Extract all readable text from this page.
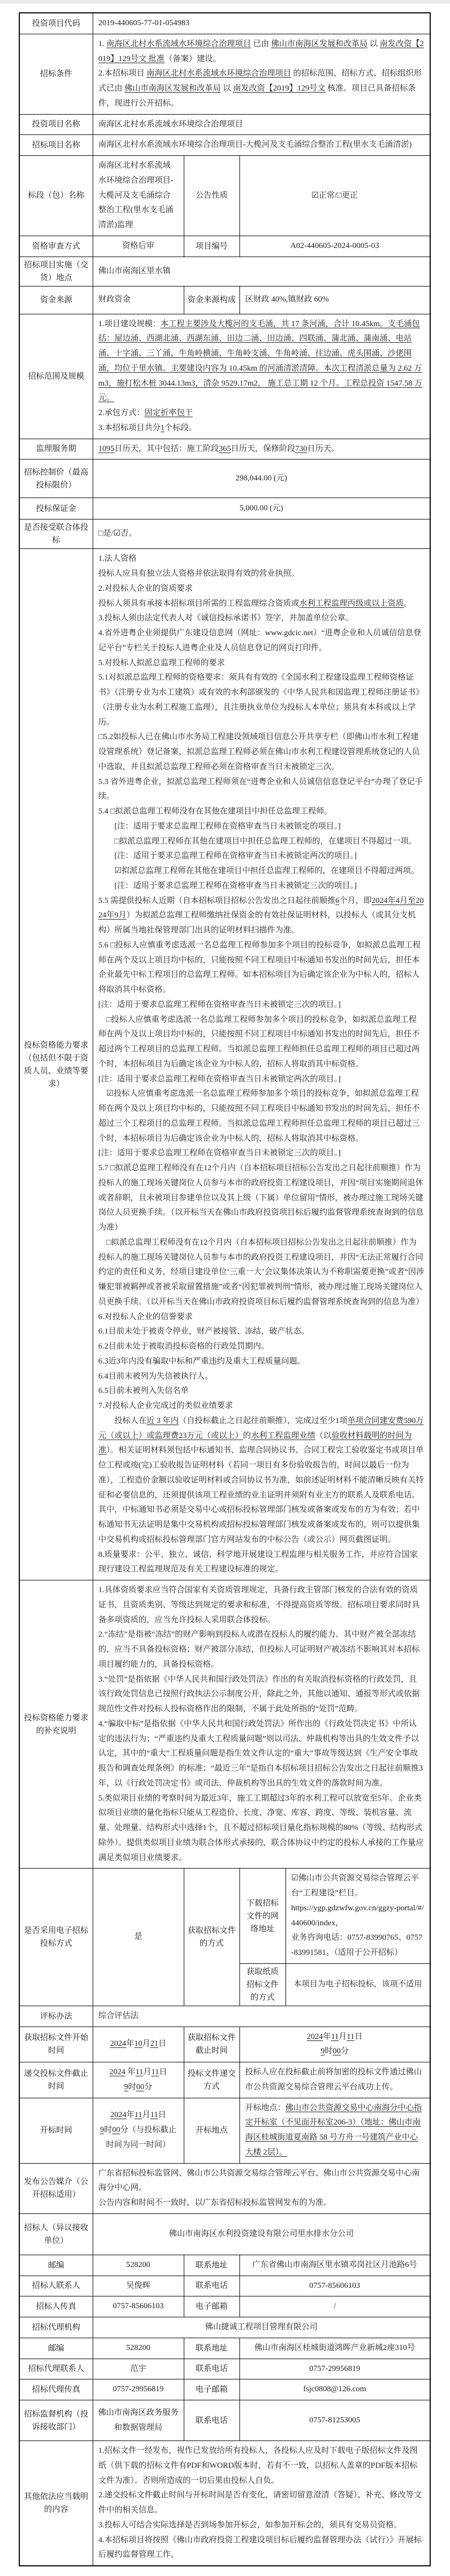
投资项目代码	2019-440605-77-01-054983			
招标条件	1. 南海区北村水系流域水环境综合治理项目 已由 佛山市南海区发展和改革局 以 南发改资【2019】129号文 批准（备案）建设。
2.本招标项目 南海区北村水系流域水环境综合治理项目 的招标范围、招标方式、招标组织形式已由 佛山市南海区发展和改革局 以 南发改资【2019】129号文 核准。项目已具备招标条件，现进行公开招标。			
投资项目名称	南海区北村水系流域水环境综合治理项目			
招标项目名称	南海区北村水系流域水环境综合治理项目-大榄河及支毛涌综合整治工程(里水支毛涌清淤)			
标段（包）名称	南海区北村水系流域水环境综合治理项目-大榄河及支毛涌综合整治工程(里水支毛涌清淤)监理	公告性质	☑正常/□更正	
资格审查方式	资格后审	项目编号	A02-440605-2024-0005-03	
招标项目实施（交货）地点	佛山市南海区里水镇			
资金来源	财政资金	资金来源构成	区财政 40%,镇财政 60%	
招标范围及规模	1.项目建设规模：本工程主要涉及大榄河的支毛涌，共 17 条河涌，合计 10.45km。支毛涌包括：屋边涌、西湖北涌、西湖东涌、田边二涌、田边涌、四联涌、蒲北涌、蒲南涌、电站涌、十字涌、三丫涌、牛角岭横涌、牛角岭支涌、牛角岭涌、往边涌、虎头围涌、沙佬围涌，均位于里水镇。主要建设内容为 10.45km 的河涌清淤清障。本次工程清淤总量为 2.62 万 m3，施打松木桩 3044.13m3，清杂 9529.17m2， 施工总工期 12 个月。工程总投资 1547.58 万元。
2.承包方式：固定折率包干
3.本招标项目共分1个标段。			
监理服务期	1095日历天，其中包括：施工阶段365日历天，保修阶段730日历天。			
招标控制价（最高投标限价）	298,044.00 (元)			
投标保证金	5,000.00 (元)			
是否接受联合体投标	□是/☑否。			
投标资格能力要求（包括但不限于资质人员、业绩等要求）	1.法人资格
投标人应具有独立法人资格并依法取得有效的营业执照。
2.对投标人企业的资质要求
投标人须具有承接本招标项目所需的工程监理综合资质或水利工程监理丙级或以上资质。
3.投标人须由法定代表人对《诚信投标承诺书》签字，并加盖单位公章。
4.省外进粤企业须提供广东建设信息网（网址：www.gdcic.net）“进粤企业和人员诚信信息登记平台”专栏关于投标人进粤企业及人员信息登记的网页打印件。
5.对投标人拟派总监理工程师的要求
5.1对拟派总监理工程师的资格要求：须具有有效的《全国水利工程建设监理工程师资格证书》（注册专业为水工建筑）或有效的水利部颁发的《中华人民共和国监理工程师注册证书》（注册专业为水利工程施工监理），且注册执业单位为投标人本单位；须具有本科或以上学历。
□5.2如投标人已在佛山市水务局工程建设领域项目信息公开共享专栏（即佛山市水利工程建设管理系统）登记备案，拟派总监理工程师必须在佛山市水利工程建设管理系统登记的人员中选取，并且拟派总监理工程师必须在资格审查当日未被锁定三次。
5.3 省外进粤企业，拟派总监理工程师须在“进粤企业和人员诚信信息登记平台”办理了登记手续。
5.4 □拟派总监理工程师没有在其他在建项目中担任总监理工程师。
　　[注：适用于要求总监理工程师在资格审查当日未被锁定的项目。]
　　□拟派总监理工程师在其他在建项目中担任总监理工程师的，在建项目不得超过一项。
　　[注：适用于要求总监理工程师在资格审查当日未被锁定两次的项目。]
　　☑拟派总监理工程师在其他在建项目中担任总监理工程师的，在建项目不得超过两项。
　　[注：适用于要求总监理工程师在资格审查当日未被锁定三次的项目。]
5.5 需提供投标人近期（自本招标项目招标公告发出之日起往前顺推6个月，即2024年4月至2024年9月）为拟派总监理工程师缴纳社保资金的有效社保证明材料，以投标人（或其分支机构）所属当地社保管理部门出具的证明材料扫描件为准。
5.6 □投标人应慎重考虑选派一名总监理工程师参加多个项目的投标竞争，如拟派总监理工程师在两个及以上项目均中标的，只能按照不同工程项目中标通知书发出的时间先后，担任本企业最先中标工程项目的总监理工程师。如本招标项目为后确定该企业为中标人的，招标人将取消其中标资格。
[注：适用于要求总监理工程师在资格审查当日未被锁定三次的项目。]
　□投标人应慎重考虑选派一名总监理工程师参加多个项目的投标竞争，如拟派总监理工程师在两个及以上项目均中标的，只能按照不同工程项目中标通知书发出的时间先后，担任不超过两个工程项目的总监理工程师。当拟派总监理工程师担任总监理工程师的项目已超过两个时，本招标项目为后确定该企业为中标人的，招标人将取消其中标资格。
[注：适用于要求总监理工程师在资格审查当日未被锁定两次的项目。]
　☑投标人应慎重考虑选派一名总监理工程师参加多个项目的投标竞争，如拟派总监理工程师在两个及以上项目均中标的，只能按照不同工程项目中标通知书发出的时间先后，担任不超过三个工程项目的总监理工程师。当拟派总监理工程师担任总监理工程师的项目已超过三个时，本招标项目为后确定该企业为中标人的，招标人将取消其中标资格。
[注：适用于要求总监理工程师在资格审查当日未被锁定三次的项目。]
5.7 □拟派总监理工程师没有在12个月内（自本招标项目招标公告发出之日起往前顺推）作为投标人的施工现场关键岗位人员参与本市的政府投资工程建设项目，并因“项目实施期间退休或者辞职，且未被项目参建单位以及其上级（下属）单位留用”情形，被办理过施工现场关键岗位人员更换手续。（以开标当天在佛山市政府投资项目标后履约监督管理系统查询到的信息为准）
　□拟派总监理工程师没有在12个月内（自本招标项目招标公告发出之日起往前顺推）作为投标人的施工现场关键岗位人员参与本市的政府投资工程建设项目，并因“无法正常履行合同约定的责任和义务，经项目建设单位‘三重一大’会议集体决策认为不称职需要更换”或者“因涉嫌犯罪被羁押或者被采取留置措施”或者“因犯罪被判刑”情形，被办理过施工现场关键岗位人员更换手续。（以开标当天在佛山市政府投资项目标后履约监督管理系统查询到的信息为准）
6.对投标人企业的信誉要求
6.1目前未处于被责令停业，财产被接管、冻结，破产状态。
6.2目前未处于被取消投标资格的行政处罚期内。
6.3近3年内没有骗取中标和严重违约及重大工程质量问题。
6.4目前未被列为失信被执行人。
6.5目前未被列入失信名单
7.对投标人企业完成过的类似业绩要求
　　投标人在近 3 年内（自投标截止之日起往前顺推），完成过至少1项单项合同建安费590万元（或以上）或监理费23万元（或以上）的水利工程监理业绩（以验收材料载明的时间为准）。相关证明材料须包括中标通知书、监理合同协议书、合同工程完工验收鉴定书或项目单位工程或竣(完)工验收报告证明材料（若同一项目有多份验收报告的，时间以最后一份为准），工程造价金额以验收证明材料或合同协议书为准，如前述证明材料不能清晰反映有关特征和必要信息的，还须提供该项工程业绩的业主证明并须附有业主方的联系人及联系电话。其中，中标通知书必须是交易中心或招标投标管理部门核发或备案或发布的方为有效；若中标通知书无法证明是集中交易机构或招标投标管理部门核发或备案或发布的，则可以提供集中交易机构或招标投标管理部门官方网站发布的中标公告（或公示）网页截图证明。
8.质量要求：公平、独立、诚信、科学地开展建设工程监理与相关服务工作，并应符合国家现行建设工程监理规范及有关工程建设标准的规定。
投标资格能力要求的补充说明	1.具体资质要求应当符合国家有关资质管理规定，具备行政主管部门核发的合法有效的资质证书，且资质类别、等级达到规定的要求和标准，不得提高资质等级。招标项目要求同时具备多项资质的，应当允许投标人采用联合体投标。
2.“冻结”是指被“冻结”的财产影响到投标人或潜在投标人的履约能力。其中财产被全部冻结的，应当不具备投标资格；财产被部分冻结，但投标人可证明财产被冻结不影响其对本招标项目履约能力的，具备投标资格。
3.“处罚”是指依据《中华人民共和国行政处罚法》作出的有关取消投标资格的行政处罚，且该行政处罚信息已按照行政执法公示制度公开，除此之外，其他以通知、通报等形式或依据规范性文件对投标人投标资格作出的限制，不属于此处所指的“处罚”范畴。
4.“骗取中标”是指依据《中华人民共和国行政处罚法》所作出的《行政处罚决定书》中所认定的违法行为；“严重违约及重大工程质量问题”则以司法、仲裁机构等出具的生效文件予以认定，其中的“重大”工程质量问题是指生效文件认定的“重大”事故等级达到《生产安全事故报告和调查处理条例》的标准；“最近三年”是指自本招标项目招标公告发出之日起往前顺推3年，以《行政处罚决定书》或司法、仲裁机构等出具的生效文件的落款时间为准。
5.类似项目业绩的考察时间为最近3年，施工工期超过3年的水利工程可以放宽至5年。企业类似项目业绩的量化指标只能从工程造价、长度、净宽、库容、跨度、等级、装机容量、流量、处理量、结构形式中选择1个，且不超过招标项目量化指标规模的80%（等级、结构形式除外）。提供类似项目业绩为联合体形式承接的，联合体协议中约定的投标人承接的工作量应满足类似项目业绩要求。			
是否采用电子招标投标方式	是	获取招标文件的方式	下载招标文件的网络地址	☑佛山市公共资源交易综合管理云平台“工程建设”栏目。
https://ygp.gdzwfw.gov.cn/ggzy-portal/#/440600/index，
业务咨询电话：0757-83990765、0757-83991581。（适用于公开招标）
			获取纸质招标文件的方式	本项目为电子招标投标，该项不适用
评标办法	综合评估法			
获取招标文件开始时间	2024年10月21日	获取招标文件截止时间	2024年11月11日
9时00分	
递交投标文件截止时间	2024 年11月11日
9时00分	投标文件递交方式	投标人应在投标截止前将加密的投标文件通过佛山市公共资源交易综合管理云平台成功上传。	
开标时间	2024年11月11日
9时00分（与投标截止时间为同一时间）	开标地点	开标地点：佛山市公共资源交易中心南海分中心指定开标室（不见面开标室206-3）（地址：佛山市南海区桂城街道夏南路 58 号方舟一号建筑产业中心大楼 2层）。	
发布公告媒介（公开招标适用）	广东省招标投标监管网、佛山市公共资源交易综合管理云平台、佛山市公共资源交易中心南海分中心网。
公告内容和时间不一致时，以广东省招标投标监管网发布的为准。			
招标人（异议接收单位）	佛山市南海区水利投资建设有限公司里水排水分公司			
邮编	528200	联系地址	广东省佛山市南海区里水镇邓岗社区月池路6号	
招标人联系人	吴俊辉	联系电话	0757-85606103	
招标人传真	0757-85606103	电子邮箱	/	
招标代理机构	佛山捷诚工程项目管理有限公司			
邮编	528200	联系地址	佛山市南海区桂城街道鸿晖产业新城2座310号	
招标代理联系人	范宇	联系电话	0757-29956819	
招标代理传真	0757-29956819	电子邮箱	fsjc0808@126.com	
招标监督机构（投诉接收部门）	佛山市南海区政务服务和数据管理局	联系电话	0757-81253005	
其他依法应当载明的内容	1.招标文件一经发布，视作已发放给所有投标人，各投标人应及时下载电子版招标文件及图纸（供下载的招标文件有PDF和WORD版本时，若有不一致，以招标人盖章的PDF版本招标文件为准）。否则所造成的一切后果由投标人自负。
2.递交投标文件截止时间与开标时间是否有变化，请密切留意澄清（答疑）、补充、修改等文件中的相关信息。
3.投标人可结合实际选择是否到场参加开标会，如参加开标会的，须具有交易员资格。
4.本招标项目将按照《佛山市政府投资工程建设项目标后履约监督管理办法（试行）》开展标后履约监督管理工作。			
